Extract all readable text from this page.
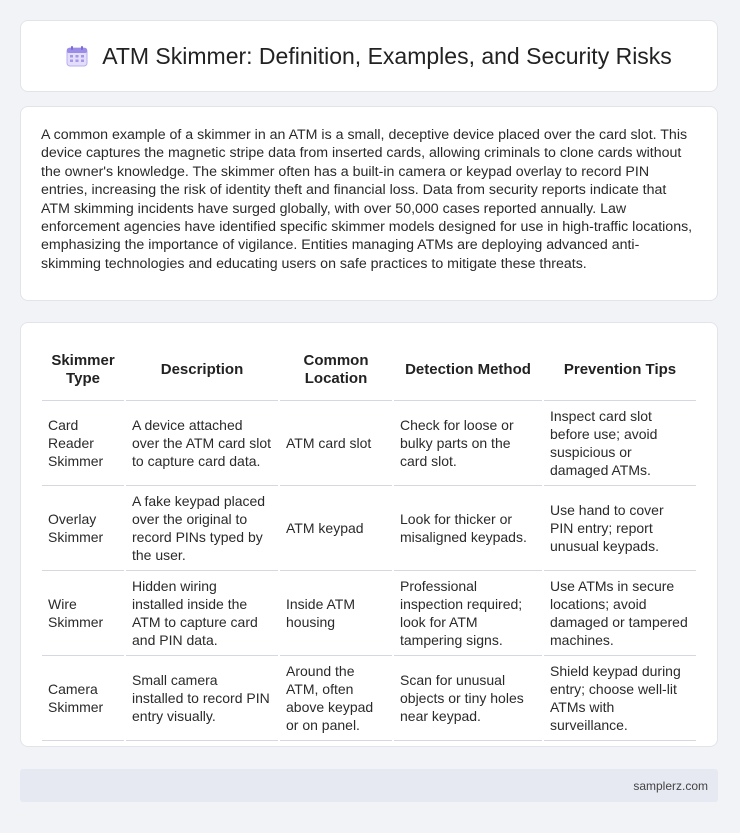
ATM Skimmer: Definition, Examples, and Security Risks

A common example of a skimmer in an ATM is a small, deceptive device placed over the card slot. This device captures the magnetic stripe data from inserted cards, allowing criminals to clone cards without the owner's knowledge. The skimmer often has a built-in camera or keypad overlay to record PIN entries, increasing the risk of identity theft and financial loss. Data from security reports indicate that ATM skimming incidents have surged globally, with over 50,000 cases reported annually. Law enforcement agencies have identified specific skimmer models designed for use in high-traffic locations, emphasizing the importance of vigilance. Entities managing ATMs are deploying advanced anti-skimming technologies and educating users on safe practices to mitigate these threats.

Skimmer Type	Description	Common Location	Detection Method	Prevention Tips
Card Reader Skimmer	A device attached over the ATM card slot to capture card data.	ATM card slot	Check for loose or bulky parts on the card slot.	Inspect card slot before use; avoid suspicious or damaged ATMs.
Overlay Skimmer	A fake keypad placed over the original to record PINs typed by the user.	ATM keypad	Look for thicker or misaligned keypads.	Use hand to cover PIN entry; report unusual keypads.
Wire Skimmer	Hidden wiring installed inside the ATM to capture card and PIN data.	Inside ATM housing	Professional inspection required; look for ATM tampering signs.	Use ATMs in secure locations; avoid damaged or tampered machines.
Camera Skimmer	Small camera installed to record PIN entry visually.	Around the ATM, often above keypad or on panel.	Scan for unusual objects or tiny holes near keypad.	Shield keypad during entry; choose well-lit ATMs with surveillance.
samplerz.com
